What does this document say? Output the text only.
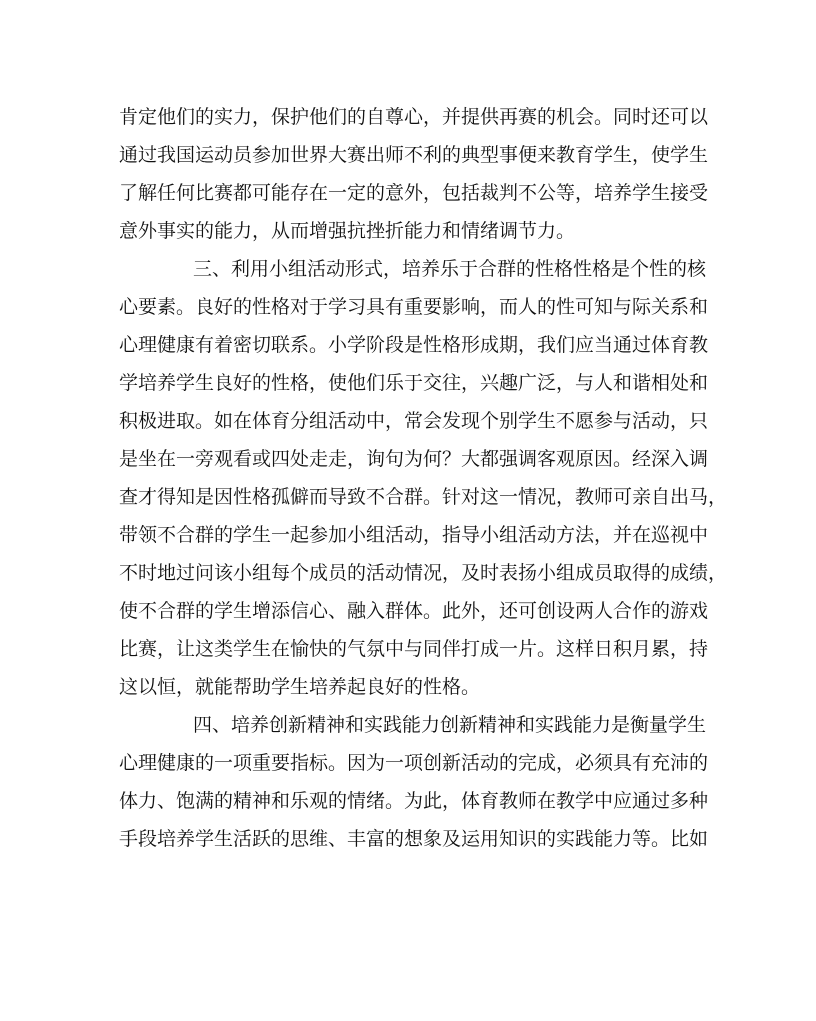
肯定他们的实力，保护他们的自尊心，并提供再赛的机会。同时还可以
通过我国运动员参加世界大赛出师不利的典型事便来教育学生，使学生
了解任何比赛都可能存在一定的意外，包括裁判不公等，培养学生接受
意外事实的能力，从而增强抗挫折能力和情绪调节力。
三、利用小组活动形式，培养乐于合群的性格性格是个性的核
心要素。良好的性格对于学习具有重要影响，而人的性可知与际关系和
心理健康有着密切联系。小学阶段是性格形成期，我们应当通过体育教
学培养学生良好的性格，使他们乐于交往，兴趣广泛，与人和谐相处和
积极进取。如在体育分组活动中，常会发现个别学生不愿参与活动，只
是坐在一旁观看或四处走走，询句为何？大都强调客观原因。经深入调
查才得知是因性格孤僻而导致不合群。针对这一情况，教师可亲自出马，
带领不合群的学生一起参加小组活动，指导小组活动方法，并在巡视中
不时地过问该小组每个成员的活动情况，及时表扬小组成员取得的成绩，
使不合群的学生增添信心、融入群体。此外，还可创设两人合作的游戏
比赛，让这类学生在愉快的气氛中与同伴打成一片。这样日积月累，持
这以恒，就能帮助学生培养起良好的性格。
四、培养创新精神和实践能力创新精神和实践能力是衡量学生
心理健康的一项重要指标。因为一项创新活动的完成，必须具有充沛的
体力、饱满的精神和乐观的情绪。为此，体育教师在教学中应通过多种
手段培养学生活跃的思维、丰富的想象及运用知识的实践能力等。比如
